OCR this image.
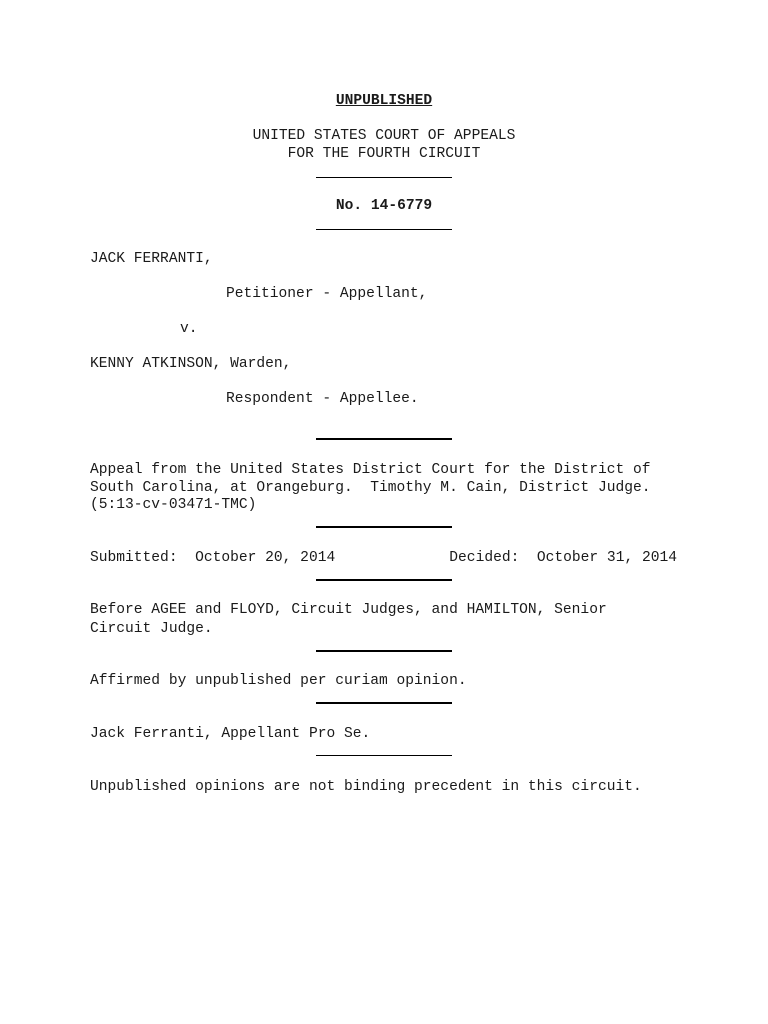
UNPUBLISHED
UNITED STATES COURT OF APPEALS
FOR THE FOURTH CIRCUIT
No. 14-6779
JACK FERRANTI,
Petitioner - Appellant,
v.
KENNY ATKINSON, Warden,
Respondent - Appellee.
Appeal from the United States District Court for the District of
South Carolina, at Orangeburg.  Timothy M. Cain, District Judge.
(5:13-cv-03471-TMC)
Submitted:  October 20, 2014	Decided:  October 31, 2014
Before AGEE and FLOYD, Circuit Judges, and HAMILTON, Senior
Circuit Judge.
Affirmed by unpublished per curiam opinion.
Jack Ferranti, Appellant Pro Se.
Unpublished opinions are not binding precedent in this circuit.
